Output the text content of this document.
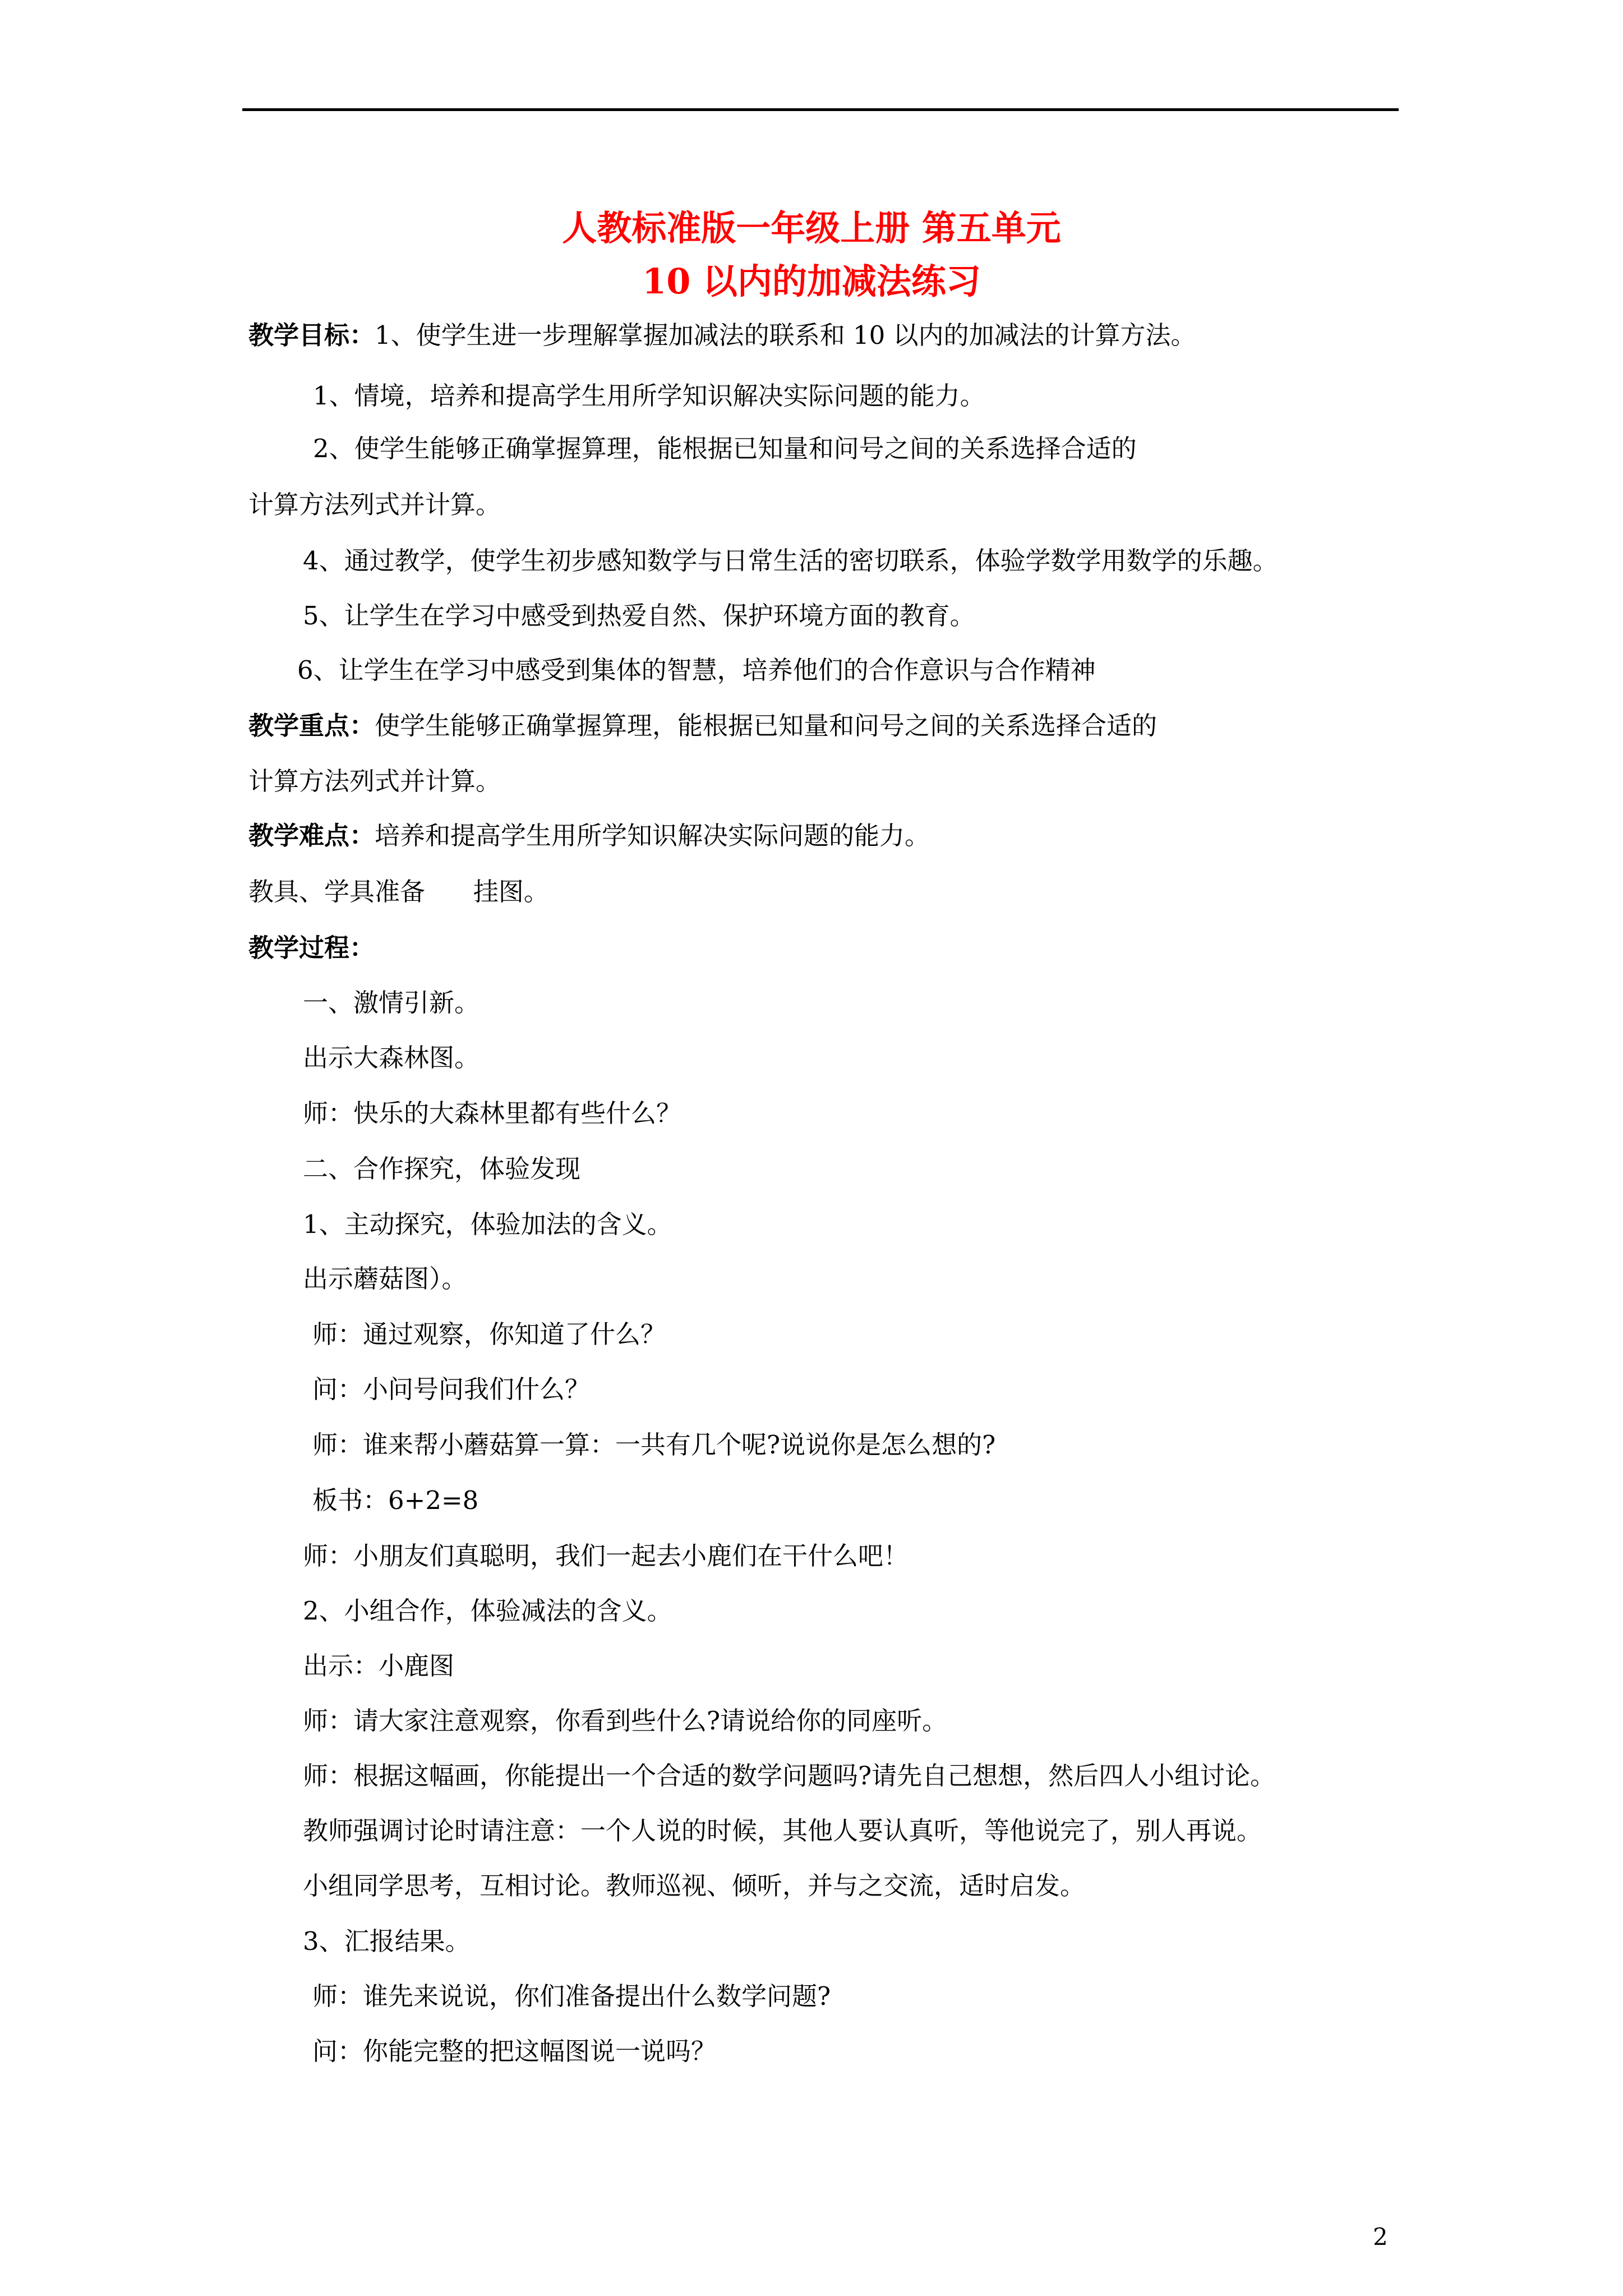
人教标准版一年级上册 第五单元
10 以内的加减法练习
教学目标：1、使学生进一步理解掌握加减法的联系和 10 以内的加减法的计算方法。
1、情境，培养和提高学生用所学知识解决实际问题的能力。
2、使学生能够正确掌握算理，能根据已知量和问号之间的关系选择合适的
计算方法列式并计算。
4、通过教学，使学生初步感知数学与日常生活的密切联系，体验学数学用数学的乐趣。
5、让学生在学习中感受到热爱自然、保护环境方面的教育。
6、让学生在学习中感受到集体的智慧，培养他们的合作意识与合作精神
教学重点：使学生能够正确掌握算理，能根据已知量和问号之间的关系选择合适的
计算方法列式并计算。
教学难点：培养和提高学生用所学知识解决实际问题的能力。
教具、学具准备      挂图。
教学过程：
一、激情引新。
出示大森林图。
师：快乐的大森林里都有些什么？
二、合作探究，体验发现
1、主动探究，体验加法的含义。
出示蘑菇图）。
师：通过观察，你知道了什么？
问：小问号问我们什么？
师：谁来帮小蘑菇算一算：一共有几个呢?说说你是怎么想的?
板书：6+2=8
师：小朋友们真聪明，我们一起去小鹿们在干什么吧！
2、小组合作，体验减法的含义。
出示：小鹿图
师：请大家注意观察，你看到些什么?请说给你的同座听。
师：根据这幅画，你能提出一个合适的数学问题吗?请先自己想想，然后四人小组讨论。
教师强调讨论时请注意：一个人说的时候，其他人要认真听，等他说完了，别人再说。
小组同学思考，互相讨论。教师巡视、倾听，并与之交流，适时启发。
3、汇报结果。
师：谁先来说说，你们准备提出什么数学问题?
问：你能完整的把这幅图说一说吗？
2
